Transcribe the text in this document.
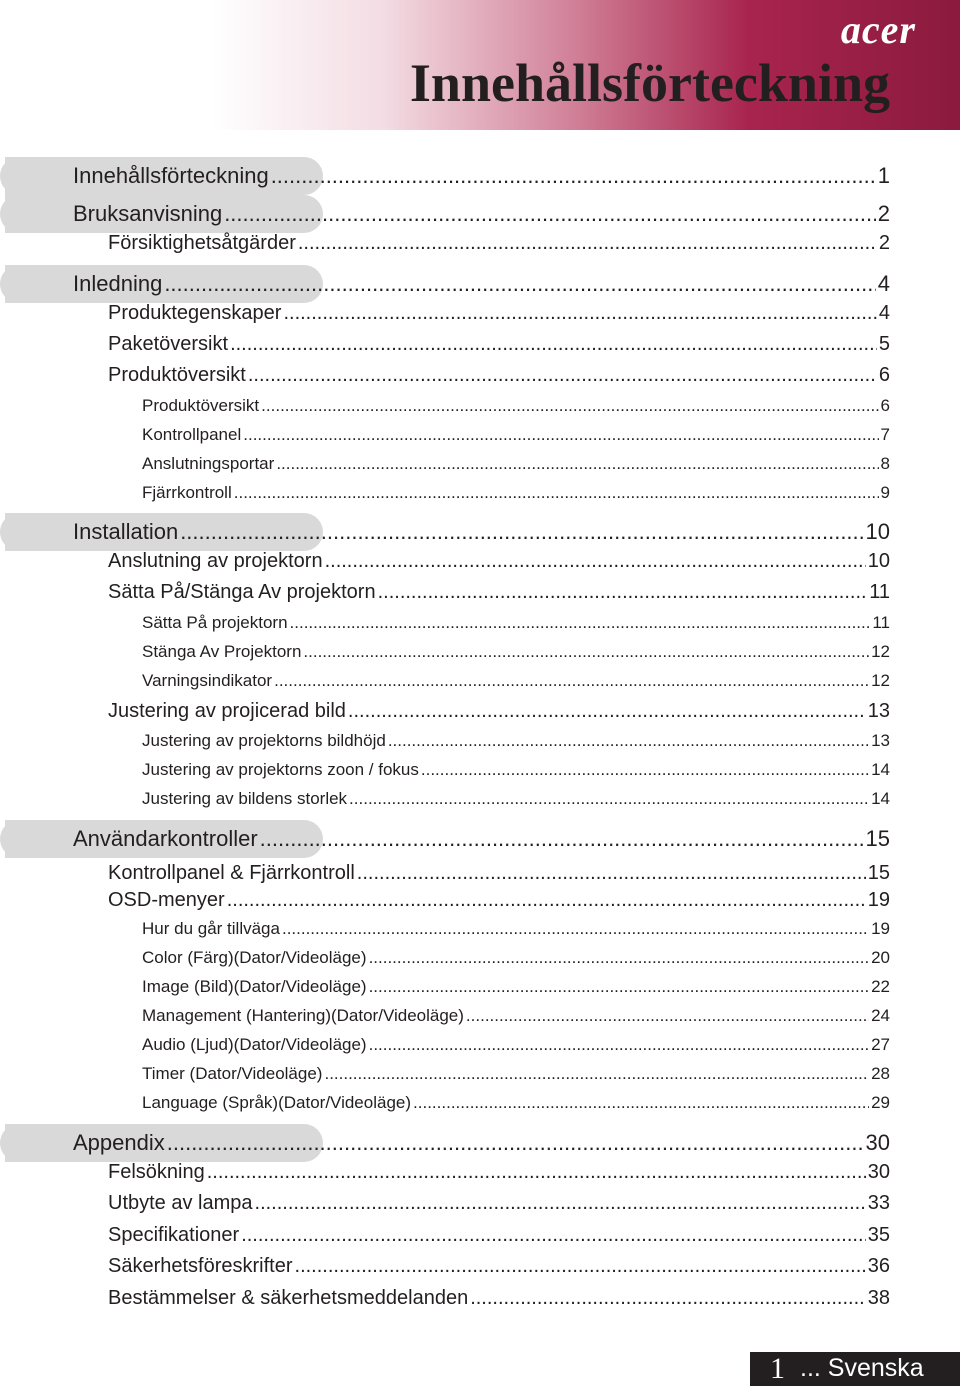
acer
Innehållsförteckning
Innehållsförteckning .....	1
Bruksanvisning .....	2
Försiktighetsåtgärder .....	2
Inledning .....	4
Produktegenskaper .....	4
Paketöversikt .....	5
Produktöversikt .....	6
Produktöversikt .....	6
Kontrollpanel .....	7
Anslutningsportar .....	8
Fjärrkontroll .....	9
Installation .....	10
Anslutning av projektorn .....	10
Sätta På/Stänga Av projektorn .....	11
Sätta På projektorn .....	11
Stänga Av Projektorn .....	12
Varningsindikator .....	12
Justering av projicerad bild .....	13
Justering av projektorns bildhöjd .....	13
Justering av projektorns zoon / fokus .....	14
Justering av bildens storlek .....	14
Användarkontroller .....	15
Kontrollpanel & Fjärrkontroll .....	15
OSD-menyer .....	19
Hur du går tillväga .....	19
Color (Färg)(Dator/Videoläge) .....	20
Image (Bild)(Dator/Videoläge) .....	22
Management (Hantering)(Dator/Videoläge) .....	24
Audio (Ljud)(Dator/Videoläge) .....	27
Timer (Dator/Videoläge) .....	28
Language (Språk)(Dator/Videoläge) .....	29
Appendix .....	30
Felsökning .....	30
Utbyte av lampa .....	33
Specifikationer .....	35
Säkerhetsföreskrifter .....	36
Bestämmelser & säkerhetsmeddelanden .....	38
1 ... Svenska
